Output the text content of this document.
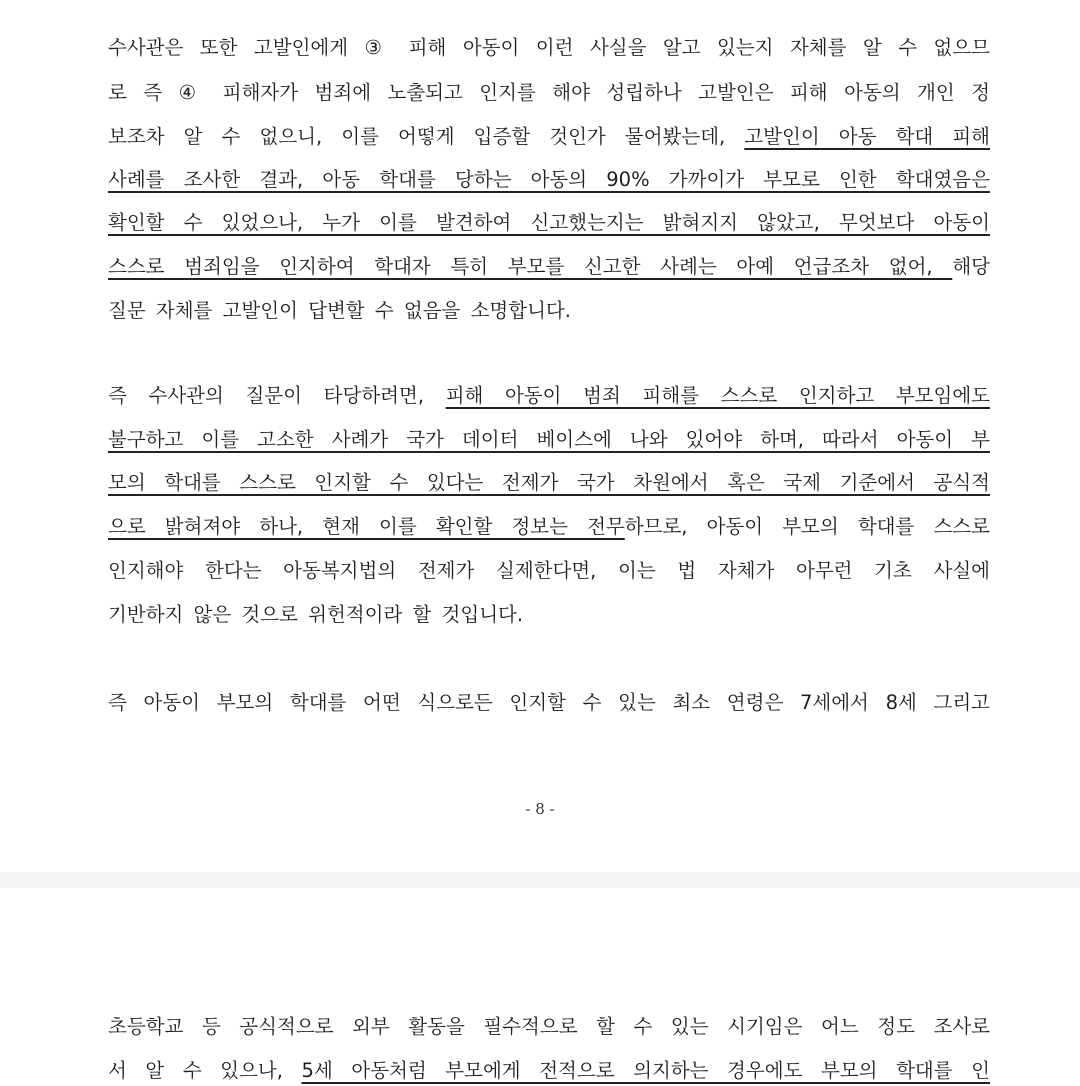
수사관은 또한 고발인에게 ③ 피해 아동이 이런 사실을 알고 있는지 자체를 알 수 없으므
로 즉 ④ 피해자가 범죄에 노출되고 인지를 해야 성립하나 고발인은 피해 아동의 개인 정
보조차 알 수 없으니, 이를 어떻게 입증할 것인가 물어봤는데, 고발인이 아동 학대 피해
사례를 조사한 결과, 아동 학대를 당하는 아동의 90% 가까이가 부모로 인한 학대였음은
확인할 수 있었으나, 누가 이를 발견하여 신고했는지는 밝혀지지 않았고, 무엇보다 아동이
스스로 범죄임을 인지하여 학대자 특히 부모를 신고한 사례는 아예 언급조차 없어, 해당
질문 자체를 고발인이 답변할 수 없음을 소명합니다.
즉 수사관의 질문이 타당하려면, 피해 아동이 범죄 피해를 스스로 인지하고 부모임에도
불구하고 이를 고소한 사례가 국가 데이터 베이스에 나와 있어야 하며, 따라서 아동이 부
모의 학대를 스스로 인지할 수 있다는 전제가 국가 차원에서 혹은 국제 기준에서 공식적
으로 밝혀져야 하나, 현재 이를 확인할 정보는 전무하므로, 아동이 부모의 학대를 스스로
인지해야 한다는 아동복지법의 전제가 실제한다면, 이는 법 자체가 아무런 기초 사실에
기반하지 않은 것으로 위헌적이라 할 것입니다.
즉 아동이 부모의 학대를 어떤 식으로든 인지할 수 있는 최소 연령은 7세에서 8세 그리고
- 8 -
초등학교 등 공식적으로 외부 활동을 필수적으로 할 수 있는 시기임은 어느 정도 조사로
서 알 수 있으나, 5세 아동처럼 부모에게 전적으로 의지하는 경우에도 부모의 학대를 인
